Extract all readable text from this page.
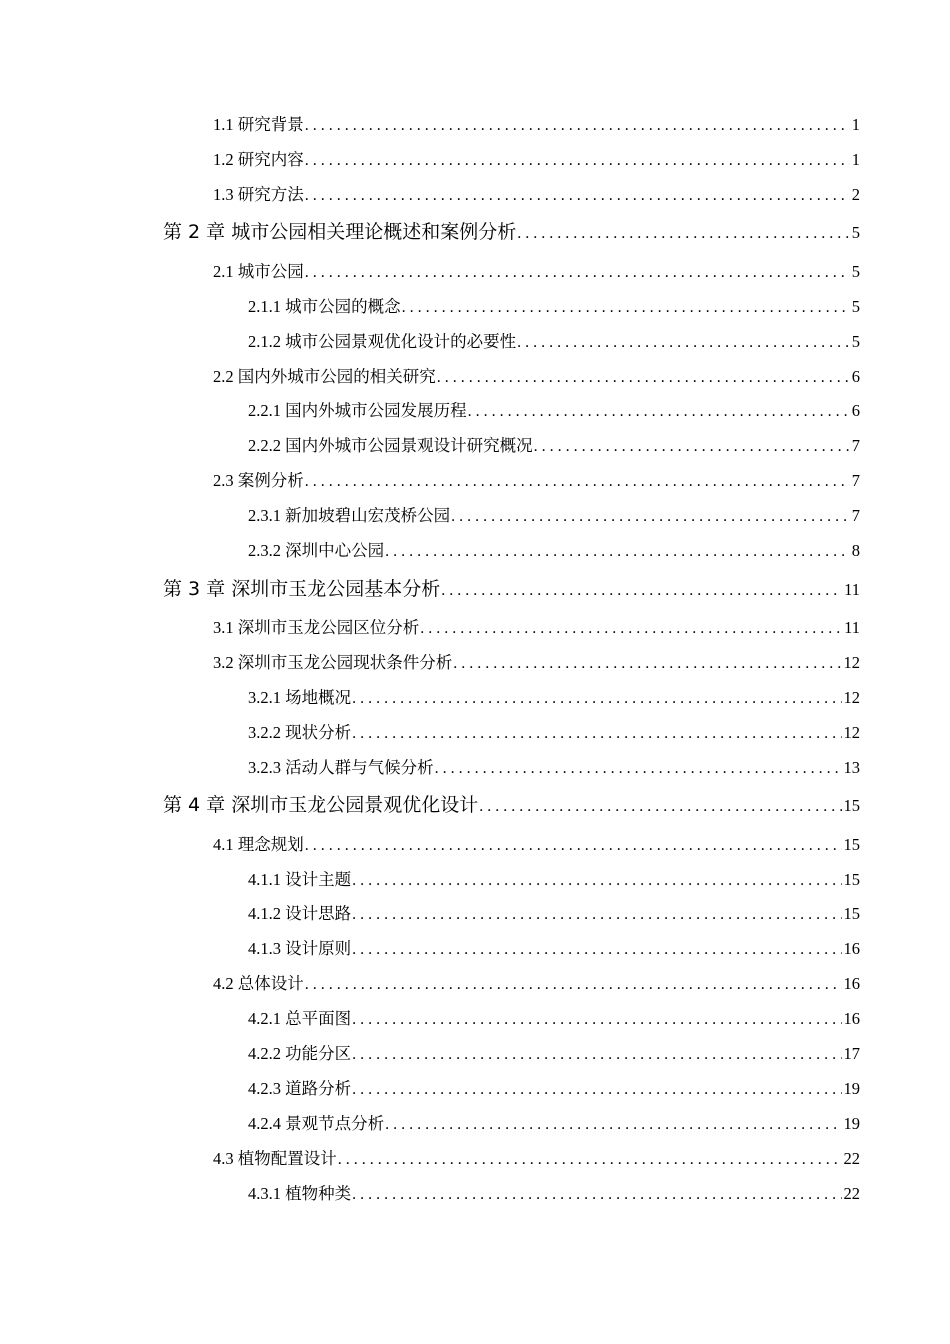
1.1 研究背景 . . .	1
1.2 研究内容 . . .	1
1.3 研究方法 . . .	2
第 2 章 城市公园相关理论概述和案例分析 . . .	5
2.1 城市公园 . . .	5
2.1.1 城市公园的概念 . . .	5
2.1.2 城市公园景观优化设计的必要性 . . .	5
2.2 国内外城市公园的相关研究 . . .	6
2.2.1 国内外城市公园发展历程 . . .	6
2.2.2 国内外城市公园景观设计研究概况 . . .	7
2.3 案例分析 . . .	7
2.3.1 新加坡碧山宏茂桥公园 . . .	7
2.3.2 深圳中心公园 . . .	8
第 3 章 深圳市玉龙公园基本分析 . . .	11
3.1 深圳市玉龙公园区位分析 . . .	11
3.2 深圳市玉龙公园现状条件分析 . . .	12
3.2.1 场地概况 . . .	12
3.2.2 现状分析 . . .	12
3.2.3 活动人群与气候分析 . . .	13
第 4 章 深圳市玉龙公园景观优化设计 . . .	15
4.1 理念规划 . . .	15
4.1.1 设计主题 . . .	15
4.1.2 设计思路 . . .	15
4.1.3 设计原则 . . .	16
4.2 总体设计 . . .	16
4.2.1 总平面图 . . .	16
4.2.2 功能分区 . . .	17
4.2.3 道路分析 . . .	19
4.2.4 景观节点分析 . . .	19
4.3 植物配置设计 . . .	22
4.3.1 植物种类 . . .	22
